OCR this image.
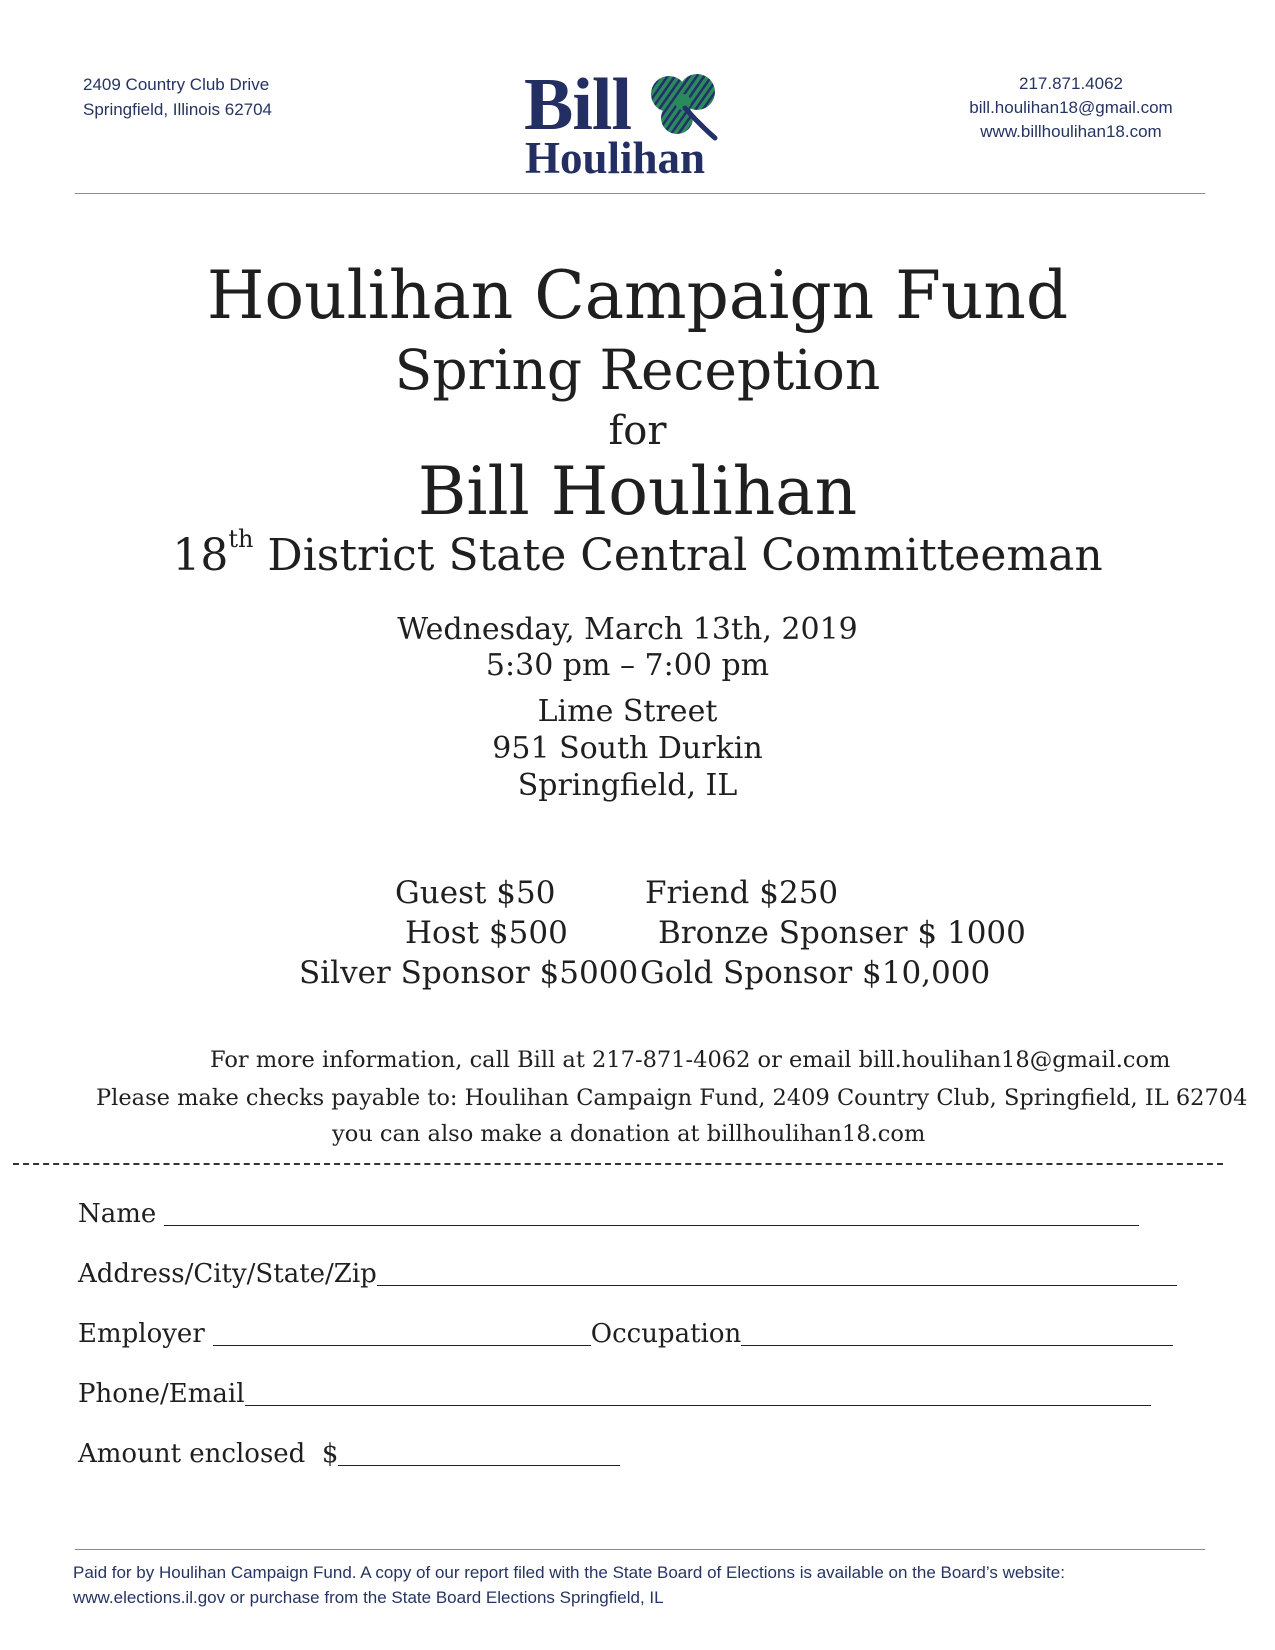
2409 Country Club Drive
Springfield, Illinois 62704	Bill
Houlihan
217.871.4062
bill.houlihan18@gmail.com
www.billhoulihan18.com
Houlihan Campaign Fund
Spring Reception
for
Bill Houlihan
18th District State Central Committeeman
Wednesday, March 13th, 2019
5:30 pm – 7:00 pm
Lime Street
951 South Durkin
Springfield, IL
Guest $50	Friend $250
Host $500	Bronze Sponser $ 1000
Silver Sponsor $5000 Gold Sponsor $10,000
For more information, call Bill at 217-871-4062 or email bill.houlihan18@gmail.com
Please make checks payable to: Houlihan Campaign Fund, 2409 Country Club, Springfield, IL 62704
you can also make a donation at billhoulihan18.com
Name
Address/City/State/Zip
Employer	Occupation
Phone/Email
Amount enclosed  $
Paid for by Houlihan Campaign Fund. A copy of our report filed with the State Board of Elections is available on the Board’s website:
www.elections.il.gov or purchase from the State Board Elections Springfield, IL
